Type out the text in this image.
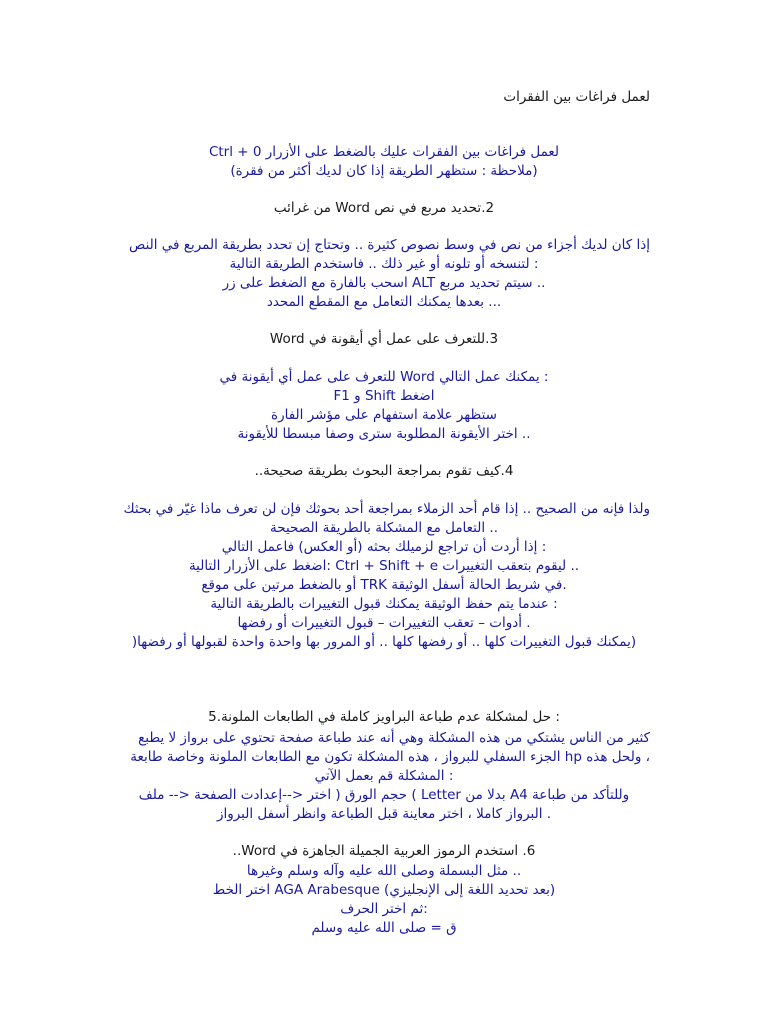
لعمل فراغات بين الفقرات
لعمل فراغات بين الفقرات عليك بالضغط على الأزرار Ctrl + 0
(ملاحظة : ستظهر الطريقة إذا كان لديك أكثر من فقرة)
2.تحديد مربع في نص Word من غرائب
إذا كان لديك أجزاء من نص في وسط نصوص كثيرة .. وتحتاج إن تحدد بطريقة المربع في النص
: لتنسخه أو تلونه أو غير ذلك .. فاستخدم الطريقة التالية
.. سيتم تحديد مربع ALT اسحب بالفارة مع الضغط على زر
... بعدها يمكنك التعامل مع المقطع المحدد
3.للتعرف على عمل أي أيقونة في Word
: يمكنك عمل التالي Word للتعرف على عمل أي أيقونة في
اضغط Shift و F1
ستظهر علامة استفهام على مؤشر الفارة
.. اختر الأيقونة المطلوبة سترى وصفا مبسطا للأيقونة
4.كيف تقوم بمراجعة البحوث بطريقة صحيحة..
ولذا فإنه من الصحيح .. إذا قام أحد الزملاء بمراجعة أحد بحوثك فإن لن تعرف ماذا غيّر في بحثك
.. التعامل مع المشكلة بالطريقة الصحيحة
: إذا أردت أن تراجع لزميلك بحثه (أو العكس) فاعمل التالي
.. ليقوم بتعقب التغييرات Ctrl + Shift + e :اضغط على الأزرار التالية
.في شريط الحالة أسفل الوثيقة TRK أو بالضغط مرتين على موقع
: عندما يتم حفظ الوثيقة يمكنك قبول التغييرات بالطريقة التالية
. أدوات – تعقب التغييرات – قبول التغييرات أو رفضها
(يمكنك قبول التغييرات كلها .. أو رفضها كلها .. أو المرور بها واحدة واحدة لقبولها أو رفضها(
: حل لمشكلة عدم طباعة البراويز كاملة في الطابعات الملونة.5
كثير من الناس يشتكي من هذه المشكلة وهي أنه عند طباعة صفحة تحتوي على برواز لا يطبع
، ولحل هذه hp الجزء السفلي للبرواز ، هذه المشكلة تكون مع الطابعات الملونة وخاصة طابعة
: المشكلة قم بعمل الآتي
وللتأكد من طباعة A4 بدلا من Letter ) حجم الورق ( اختر <--إعدادت الصفحة <-- ملف
. البرواز كاملا ، اختر معاينة قبل الطباعة وانظر أسفل البرواز
6. استخدم الرموز العربية الجميلة الجاهزة في Word..
.. مثل البسملة وصلى الله عليه وآله وسلم وغيرها
(بعد تحديد اللغة إلى الإنجليزي) AGA Arabesque اختر الخط
:ثم اختر الحرف
ق = صلى الله عليه وسلم
